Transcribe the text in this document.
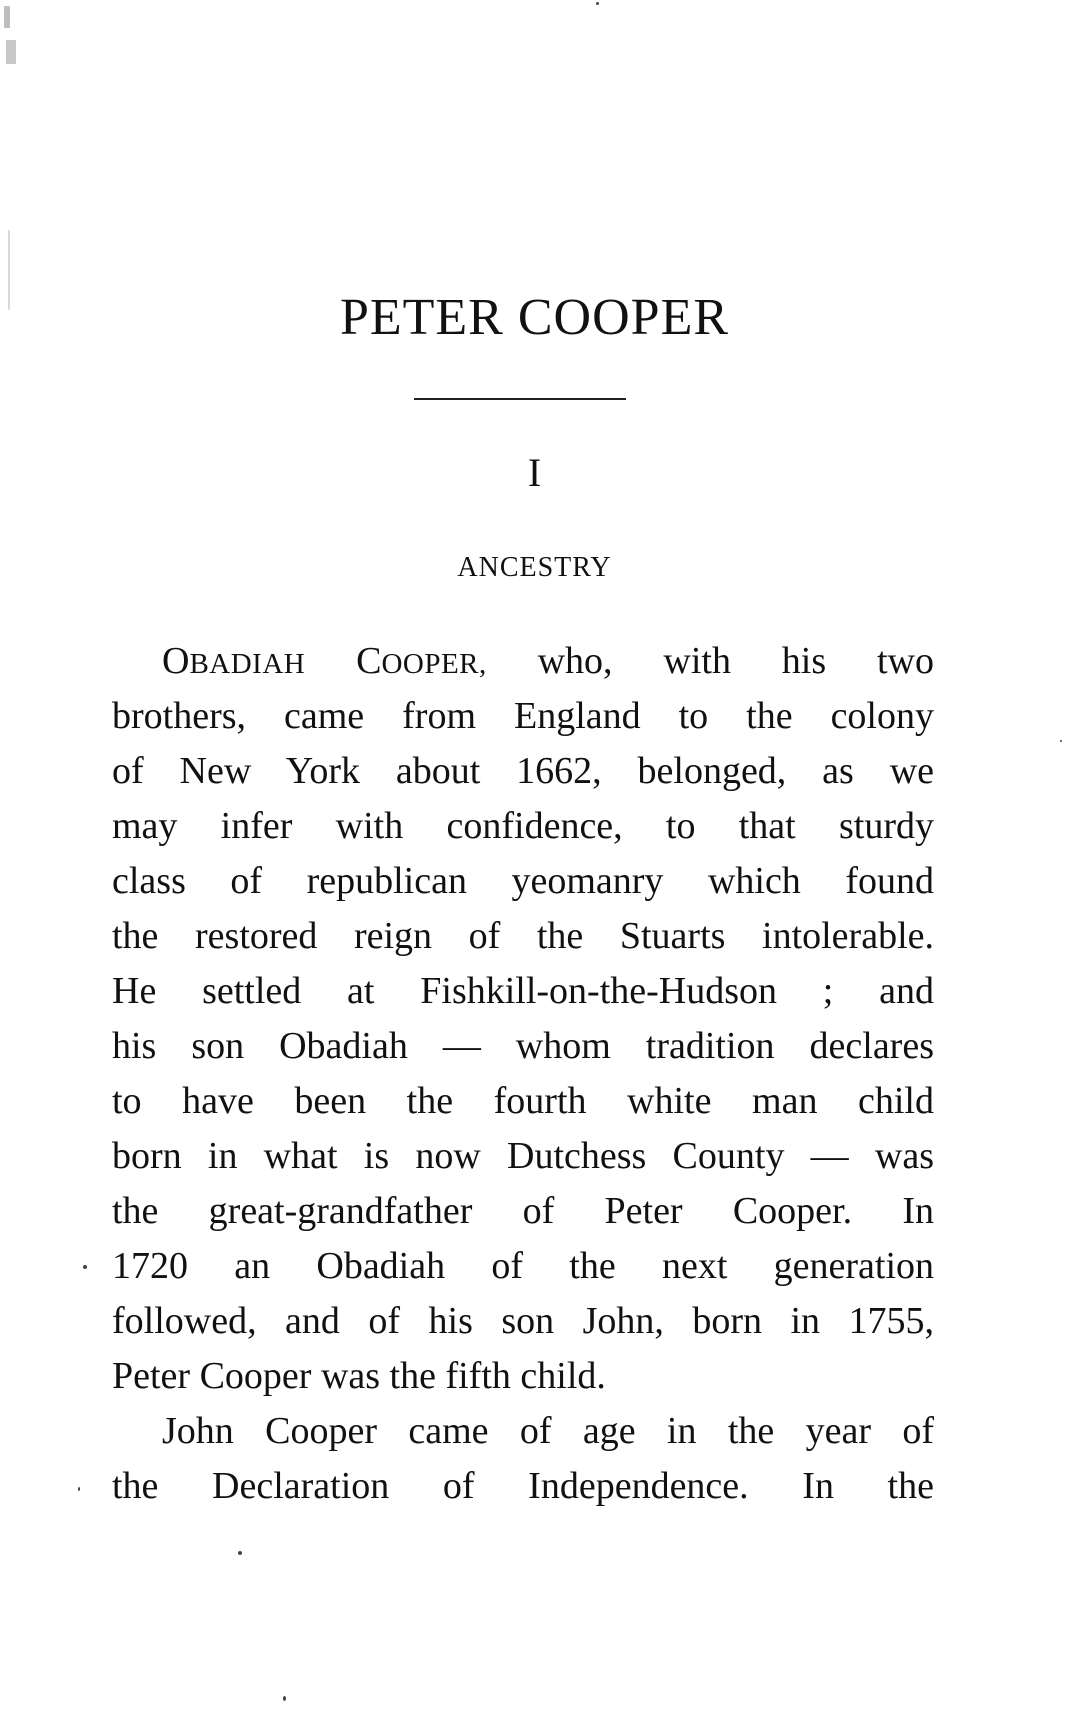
PETER COOPER
I
ANCESTRY
OBADIAH COOPER, who, with his two
brothers, came from England to the colony
of New York about 1662, belonged, as we
may infer with confidence, to that sturdy
class of republican yeomanry which found
the restored reign of the Stuarts intolerable.
He settled at Fishkill-on-the-Hudson ; and
his son Obadiah — whom tradition declares
to have been the fourth white man child
born in what is now Dutchess County — was
the great-grandfather of Peter Cooper. In
1720 an Obadiah of the next generation
followed, and of his son John, born in 1755,
Peter Cooper was the fifth child.
John Cooper came of age in the year of
the Declaration of Independence. In the
